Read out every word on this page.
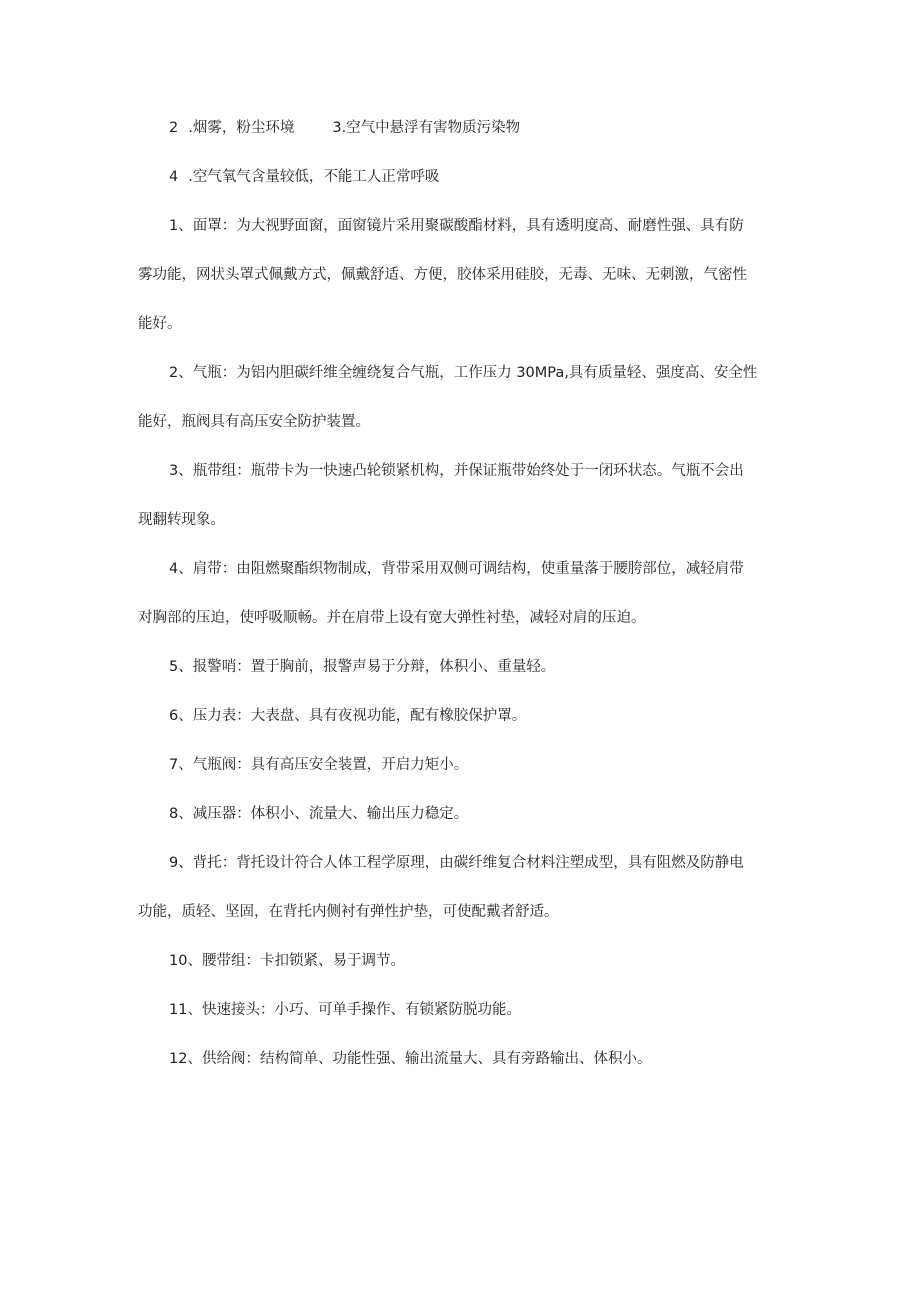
2 .烟雾，粉尘环境	3.空气中悬浮有害物质污染物

4 .空气氧气含量较低，不能工人正常呼吸

1、面罩：为大视野面窗，面窗镜片采用聚碳酸酯材料，具有透明度高、耐磨性强、具有防

雾功能，网状头罩式佩戴方式，佩戴舒适、方便，胶体采用硅胶，无毒、无味、无刺激，气密性

能好。

2、气瓶：为铝内胆碳纤维全缠绕复合气瓶，工作压力 30MPa,具有质量轻、强度高、安全性

能好，瓶阀具有高压安全防护装置。

3、瓶带组：瓶带卡为一快速凸轮锁紧机构，并保证瓶带始终处于一闭环状态。气瓶不会出

现翻转现象。

4、肩带：由阻燃聚酯织物制成，背带采用双侧可调结构，使重量落于腰胯部位，减轻肩带

对胸部的压迫，使呼吸顺畅。并在肩带上设有宽大弹性衬垫，减轻对肩的压迫。

5、报警哨：置于胸前，报警声易于分辩，体积小、重量轻。

6、压力表：大表盘、具有夜视功能，配有橡胶保护罩。

7、气瓶阀：具有高压安全装置，开启力矩小。

8、减压器：体积小、流量大、输出压力稳定。

9、背托：背托设计符合人体工程学原理，由碳纤维复合材料注塑成型，具有阻燃及防静电

功能，质轻、坚固，在背托内侧衬有弹性护垫，可使配戴者舒适。

10、腰带组：卡扣锁紧、易于调节。

11、快速接头：小巧、可单手操作、有锁紧防脱功能。

12、供给阀：结构简单、功能性强、输出流量大、具有旁路输出、体积小。
